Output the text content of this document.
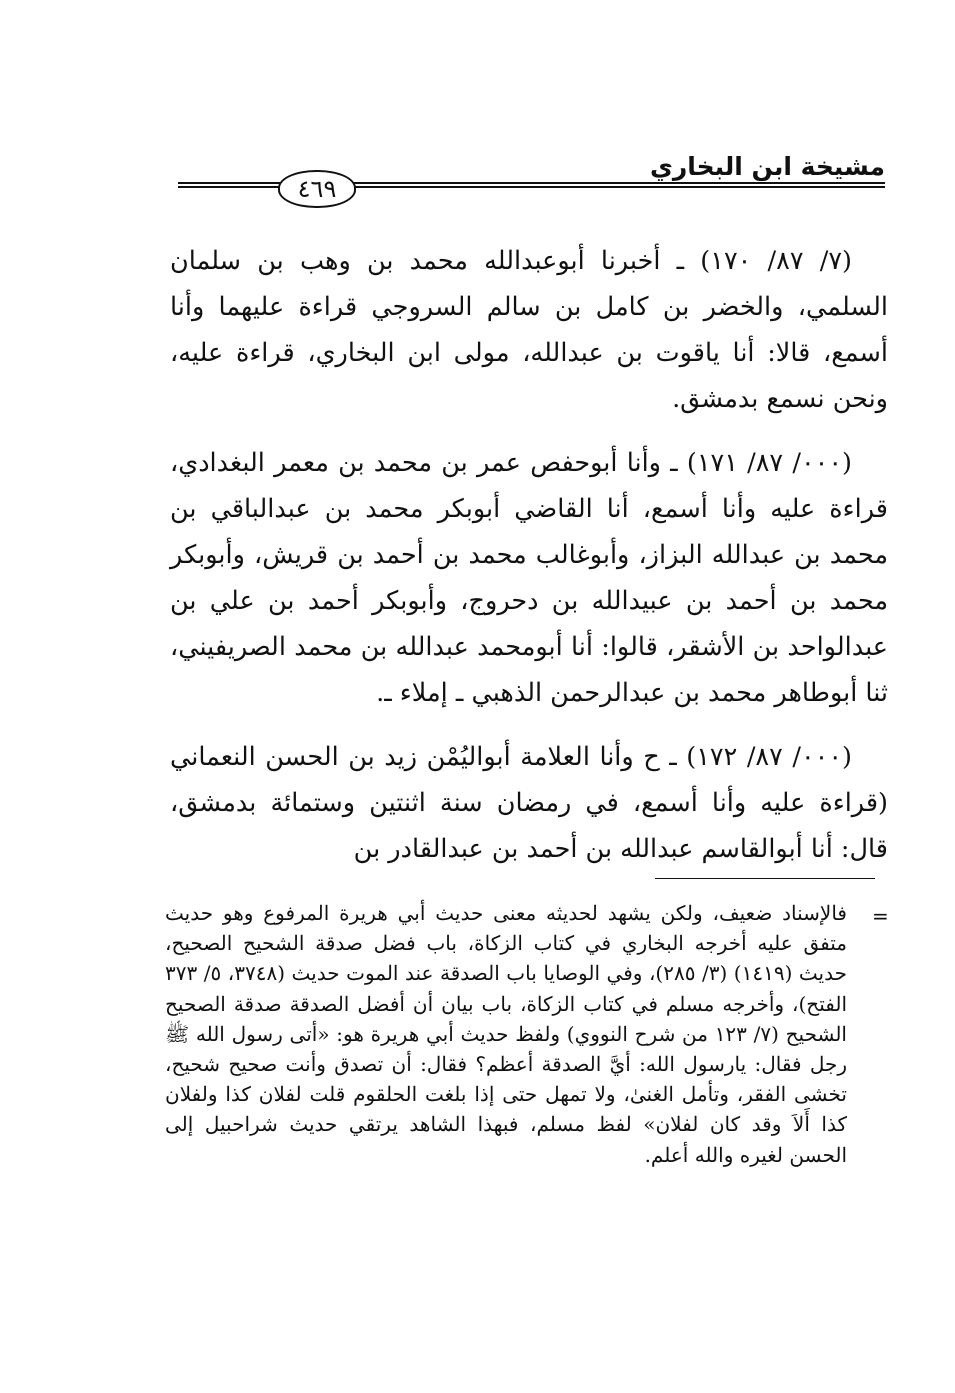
٤٦٩
مشيخة ابن البخاري

(٧/ ٨٧/ ١٧٠) ـ أخبرنا أبوعبدالله محمد بن وهب بن سلمان السلمي، والخضر بن كامل بن سالم السروجي قراءة عليهما وأنا أسمع، قالا: أنا ياقوت بن عبدالله، مولى ابن البخاري، قراءة عليه، ونحن نسمع بدمشق.

(٠٠٠/ ٨٧/ ١٧١) ـ وأنا أبوحفص عمر بن محمد بن معمر البغدادي، قراءة عليه وأنا أسمع، أنا القاضي أبوبكر محمد بن عبدالباقي بن محمد بن عبدالله البزاز، وأبوغالب محمد بن أحمد بن قريش، وأبوبكر محمد بن أحمد بن عبيدالله بن دحروج، وأبوبكر أحمد بن علي بن عبدالواحد بن الأشقر، قالوا: أنا أبومحمد عبدالله بن محمد الصريفيني، ثنا أبوطاهر محمد بن عبدالرحمن الذهبي ـ إملاء ـ.

(٠٠٠/ ٨٧/ ١٧٢) ـ ح وأنا العلامة أبواليُمْن زيد بن الحسن النعماني (قراءة عليه وأنا أسمع، في رمضان سنة اثنتين وستمائة بدمشق، قال: أنا أبوالقاسم عبدالله بن أحمد بن عبدالقادر بن

=
فالإسناد ضعيف، ولكن يشهد لحديثه معنى حديث أبي هريرة المرفوع وهو حديث متفق عليه أخرجه البخاري في كتاب الزكاة، باب فضل صدقة الشحيح الصحيح، حديث (١٤١٩) (٣/ ٢٨٥)، وفي الوصايا باب الصدقة عند الموت حديث (٣٧٤٨، ٥/ ٣٧٣ الفتح)، وأخرجه مسلم في كتاب الزكاة، باب بيان أن أفضل الصدقة صدقة الصحيح الشحيح (٧/ ١٢٣ من شرح النووي) ولفظ حديث أبي هريرة هو: «أتى رسول الله ﷺ رجل فقال: يارسول الله: أيَّ الصدقة أعظم؟ فقال: أن تصدق وأنت صحيح شحيح، تخشى الفقر، وتأمل الغنىٰ، ولا تمهل حتى إذا بلغت الحلقوم قلت لفلان كذا ولفلان كذا أَلاَ وقد كان لفلان» لفظ مسلم، فبهذا الشاهد يرتقي حديث شراحبيل إلى الحسن لغيره والله أعلم.
